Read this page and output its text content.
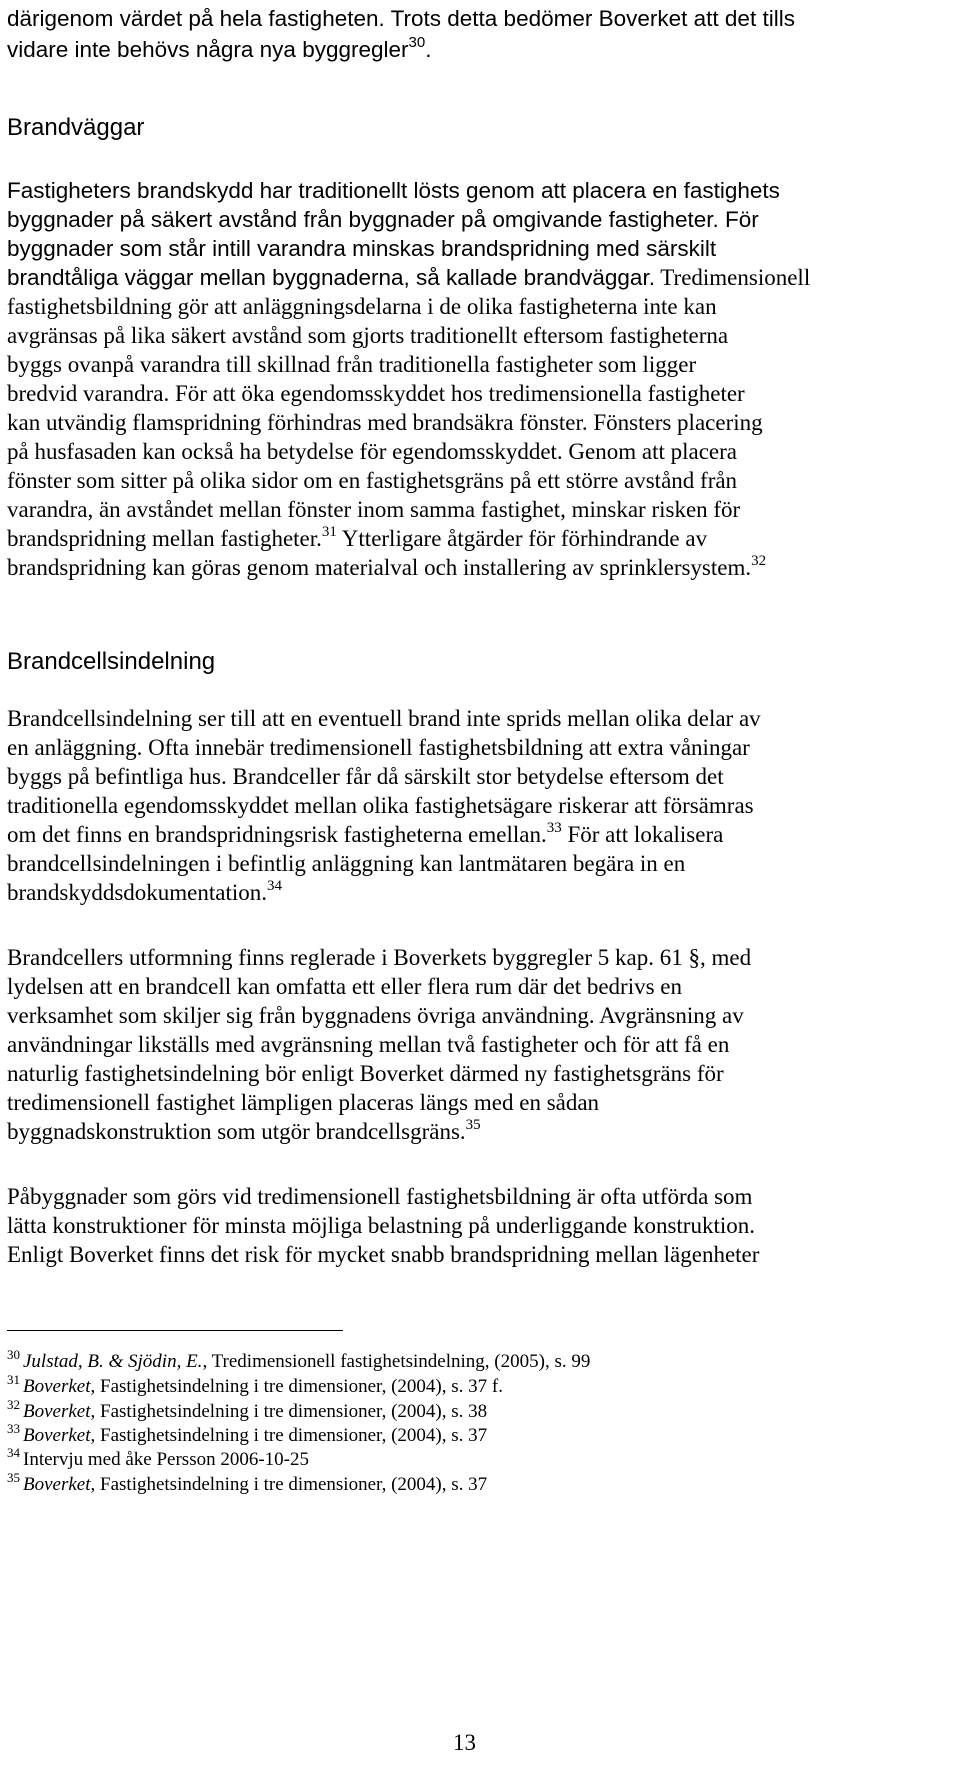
Brandväggar
Brandcellsindelning
13
därigenom värdet på hela fastigheten. Trots detta bedömer Boverket att det tills
vidare inte behövs några nya byggregler$^{30}$.
Fastigheters brandskydd har traditionellt lösts genom att placera en fastighets
byggnader på säkert avstånd från byggnader på omgivande fastigheter. För
byggnader som står intill varandra minskas brandspridning med särskilt
brandtåliga väggar mellan byggnaderna, så kallade brandväggar. Tredimensionell
fastighetsbildning gör att anläggningsdelarna i de olika fastigheterna inte kan
avgränsas på lika säkert avstånd som gjorts traditionellt eftersom fastigheterna
byggs ovanpå varandra till skillnad från traditionella fastigheter som ligger
bredvid varandra. För att öka egendomsskyddet hos tredimensionella fastigheter
kan utvändig flamspridning förhindras med brandsäkra fönster. Fönsters placering
på husfasaden kan också ha betydelse för egendomsskyddet. Genom att placera
fönster som sitter på olika sidor om en fastighetsgräns på ett större avstånd från
varandra, än avståndet mellan fönster inom samma fastighet, minskar risken för
brandspridning mellan fastigheter.$^{31}$ Ytterligare åtgärder för förhindrande av
brandspridning kan göras genom materialval och installering av sprinklersystem.$^{32}$
Brandcellsindelning ser till att en eventuell brand inte sprids mellan olika delar av
en anläggning. Ofta innebär tredimensionell fastighetsbildning att extra våningar
byggs på befintliga hus. Brandceller får då särskilt stor betydelse eftersom det
traditionella egendomsskyddet mellan olika fastighetsägare riskerar att försämras
om det finns en brandspridningsrisk fastigheterna emellan.$^{33}$ För att lokalisera
brandcellsindelningen i befintlig anläggning kan lantmätaren begära in en
brandskyddsdokumentation.$^{34}$
Brandcellers utformning finns reglerade i Boverkets byggregler 5 kap. 61 §, med
lydelsen att en brandcell kan omfatta ett eller flera rum där det bedrivs en
verksamhet som skiljer sig från byggnadens övriga användning. Avgränsning av
användningar likställs med avgränsning mellan två fastigheter och för att få en
naturlig fastighetsindelning bör enligt Boverket därmed ny fastighetsgräns för
tredimensionell fastighet lämpligen placeras längs med en sådan
byggnadskonstruktion som utgör brandcellsgräns.$^{35}$
Påbyggnader som görs vid tredimensionell fastighetsbildning är ofta utförda som
lätta konstruktioner för minsta möjliga belastning på underliggande konstruktion.
Enligt Boverket finns det risk för mycket snabb brandspridning mellan lägenheter
$^{30}$ Julstad, B. & Sjödin, E., Tredimensionell fastighetsindelning, (2005), s. 99
$^{31}$ Boverket, Fastighetsindelning i tre dimensioner, (2004), s. 37 f.
$^{32}$ Boverket, Fastighetsindelning i tre dimensioner, (2004), s. 38
$^{33}$ Boverket, Fastighetsindelning i tre dimensioner, (2004), s. 37
$^{34}$ Intervju med åke Persson 2006-10-25
$^{35}$ Boverket, Fastighetsindelning i tre dimensioner, (2004), s. 37
